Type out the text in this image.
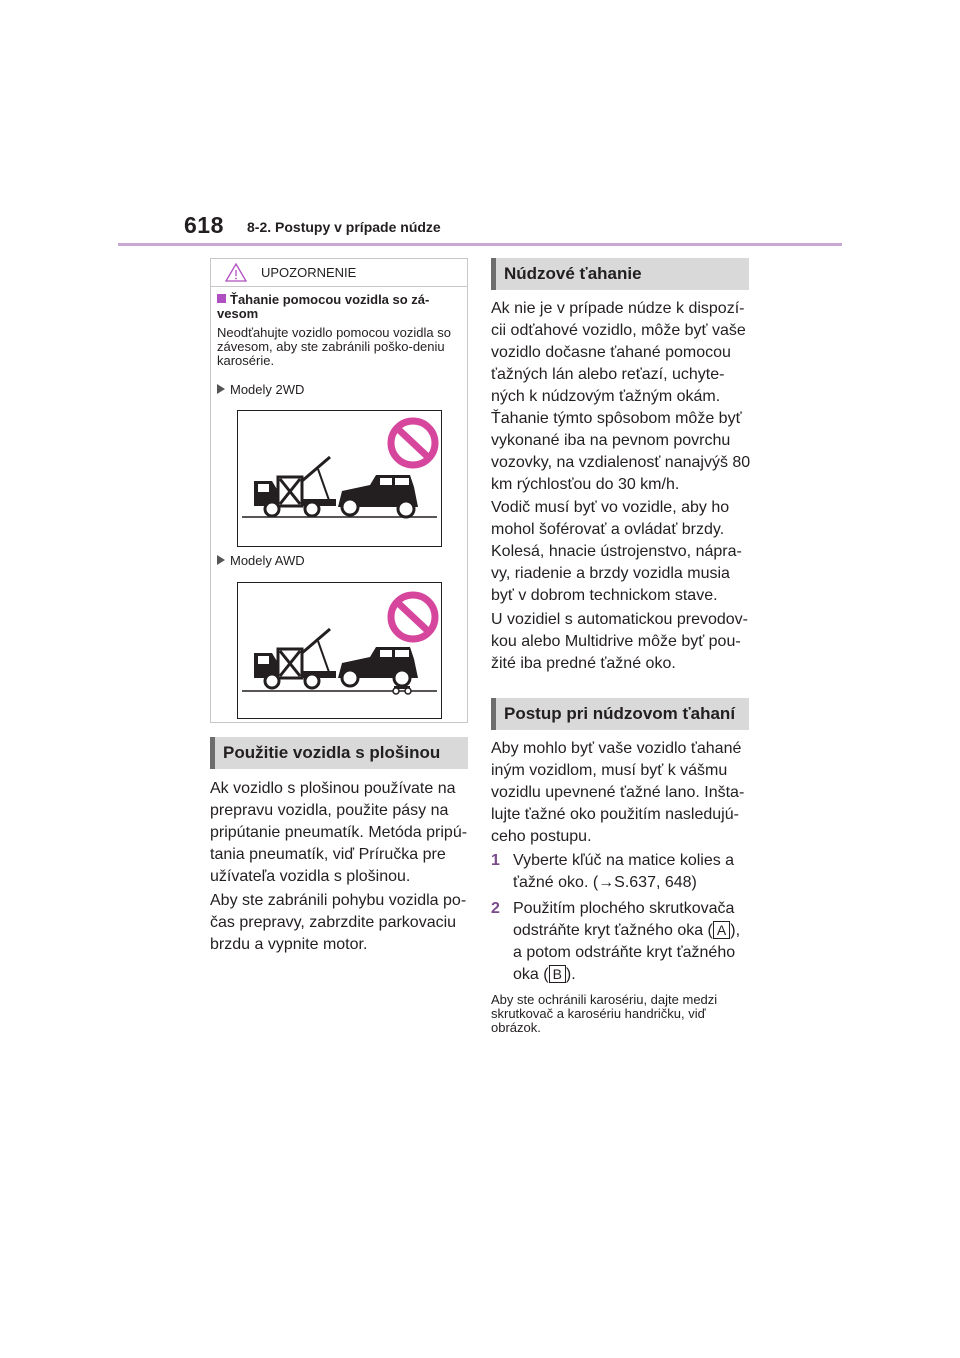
618 8-2. Postupy v prípade núdze
UPOZORNENIE
Ťahanie pomocou vozidla so zá-vesom
Neodťahujte vozidlo pomocou vozidla so závesom, aby ste zabránili poško-deniu karosérie.
Modely 2WD
Modely AWD
Použitie vozidla s plošinou
Ak vozidlo s plošinou používate na prepravu vozidla, použite pásy na pripútanie pneumatík. Metóda pripú-tania pneumatík, viď Príručka pre užívateľa vozidla s plošinou.
Aby ste zabránili pohybu vozidla po-čas prepravy, zabrzdite parkovaciu brzdu a vypnite motor.
Núdzové ťahanie
Ak nie je v prípade núdze k dispozí-cii odťahové vozidlo, môže byť vaše vozidlo dočasne ťahané pomocou ťažných lán alebo reťazí, uchyte-ných k núdzovým ťažným okám. Ťahanie týmto spôsobom môže byť vykonané iba na pevnom povrchu vozovky, na vzdialenosť nanajvýš 80 km rýchlosťou do 30 km/h.
Vodič musí byť vo vozidle, aby ho mohol šoférovať a ovládať brzdy. Kolesá, hnacie ústrojenstvo, nápra-vy, riadenie a brzdy vozidla musia byť v dobrom technickom stave.
U vozidiel s automatickou prevodov-kou alebo Multidrive môže byť pou-žité iba predné ťažné oko.
Postup pri núdzovom ťahaní
Aby mohlo byť vaše vozidlo ťahané iným vozidlom, musí byť k vášmu vozidlu upevnené ťažné lano. Inšta-lujte ťažné oko použitím nasledujú-ceho postupu.
1 Vyberte kľúč na matice kolies a ťažné oko. (→S.637, 648)
2 Použitím plochého skrutkovača odstráňte kryt ťažného oka ( A ), a potom odstráňte kryt ťažného oka ( B ).
Aby ste ochránili karosériu, dajte medzi skrutkovač a karosériu handričku, viď obrázok.
